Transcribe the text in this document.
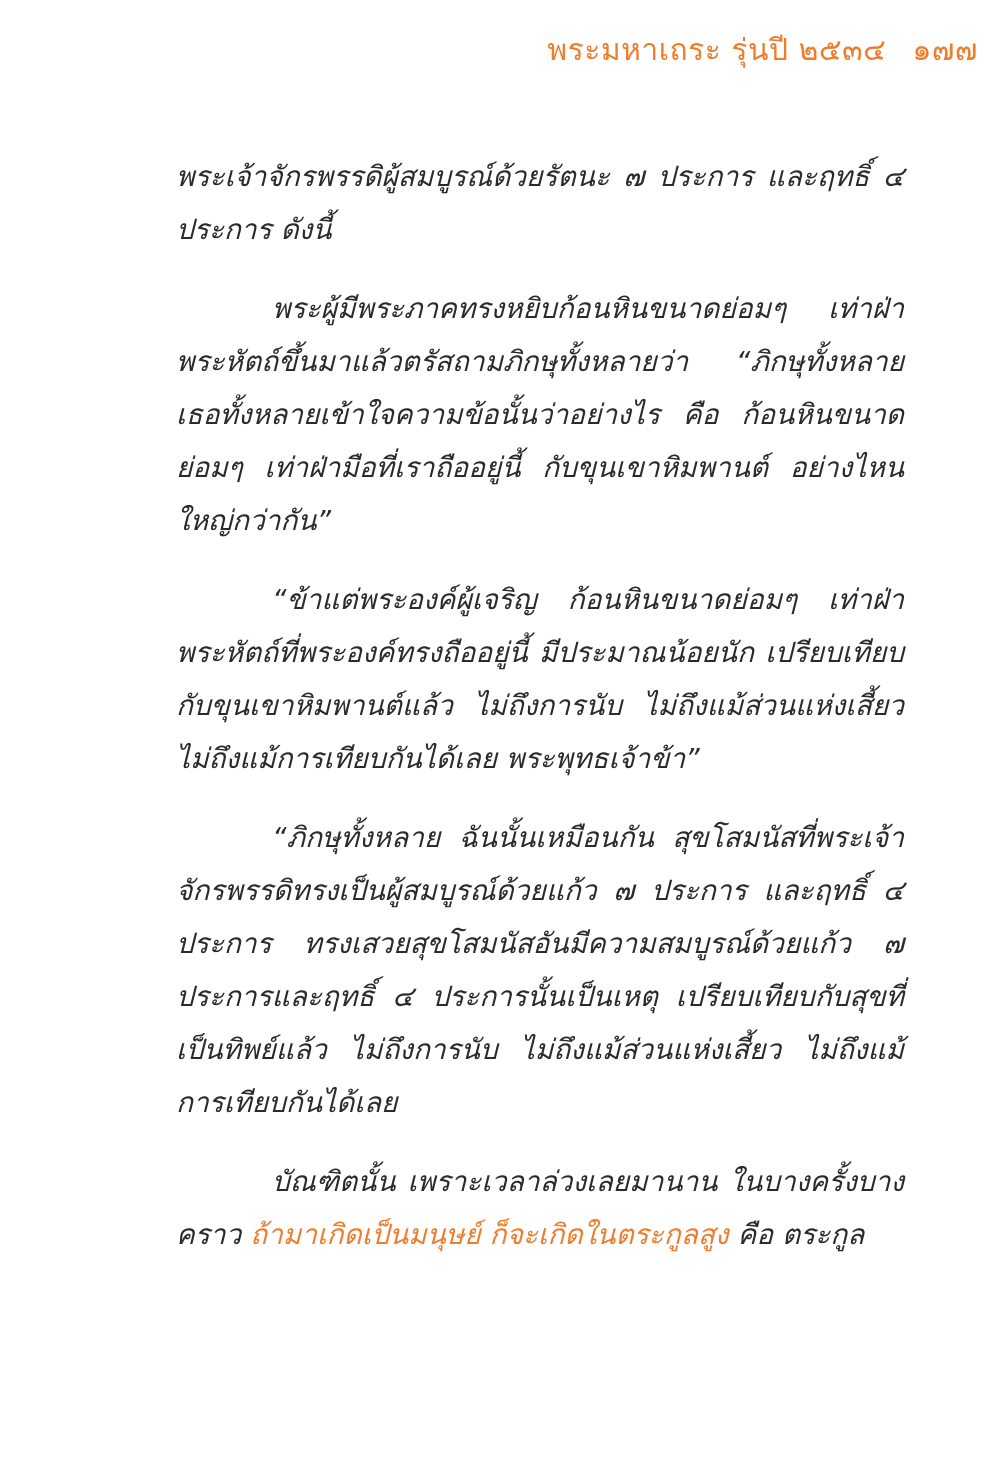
พระมหาเถระ รุ่นปี ๒๕๓๔ ๑๗๗

พระเจ้าจักรพรรดิผู้สมบูรณ์ด้วยรัตนะ ๗ ประการ และฤทธิ์ ๔ ประการ ดังนี้

พระผู้มีพระภาคทรงหยิบก้อนหินขนาดย่อมๆ เท่าฝ่าพระหัตถ์ขึ้นมาแล้วตรัสถามภิกษุทั้งหลายว่า “ภิกษุทั้งหลาย เธอทั้งหลายเข้าใจความข้อนั้นว่าอย่างไร คือ ก้อนหินขนาดย่อมๆ เท่าฝ่ามือที่เราถืออยู่นี้ กับขุนเขาหิมพานต์ อย่างไหนใหญ่กว่ากัน”

“ข้าแต่พระองค์ผู้เจริญ ก้อนหินขนาดย่อมๆ เท่าฝ่าพระหัตถ์ที่พระองค์ทรงถืออยู่นี้ มีประมาณน้อยนัก เปรียบเทียบกับขุนเขาหิมพานต์แล้ว ไม่ถึงการนับ ไม่ถึงแม้ส่วนแห่งเสี้ยว ไม่ถึงแม้การเทียบกันได้เลย พระพุทธเจ้าข้า”

“ภิกษุทั้งหลาย ฉันนั้นเหมือนกัน สุขโสมนัสที่พระเจ้าจักรพรรดิทรงเป็นผู้สมบูรณ์ด้วยแก้ว ๗ ประการ และฤทธิ์ ๔ ประการ ทรงเสวยสุขโสมนัสอันมีความสมบูรณ์ด้วยแก้ว ๗ ประการและฤทธิ์ ๔ ประการนั้นเป็นเหตุ เปรียบเทียบกับสุขที่เป็นทิพย์แล้ว ไม่ถึงการนับ ไม่ถึงแม้ส่วนแห่งเสี้ยว ไม่ถึงแม้การเทียบกันได้เลย

บัณฑิตนั้น เพราะเวลาล่วงเลยมานาน ในบางครั้งบางคราว ถ้ามาเกิดเป็นมนุษย์ ก็จะเกิดในตระกูลสูง คือ ตระกูล
